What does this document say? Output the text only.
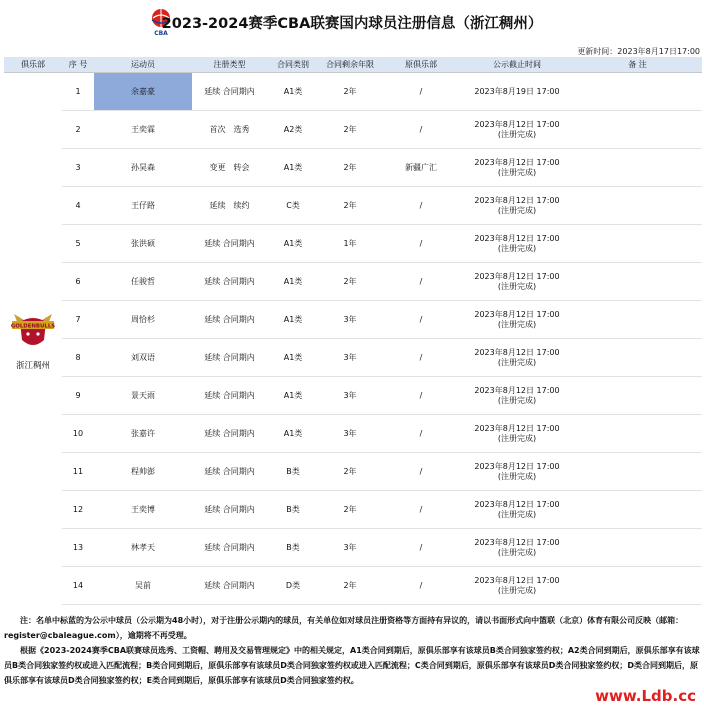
CBA
2023-2024赛季CBA联赛国内球员注册信息（浙江稠州）
更新时间：2023年8月17日17:00
俱乐部	序 号	运动员	注册类型	合同类别	合同剩余年限	原俱乐部	公示截止时间	备 注

GOLDENBULLS
浙江稠州	1	余嘉豪	延续 合同期内	A1类	2年	/	2023年8月19日 17:00	

	2	王奕霖	首次　选秀	A2类	2年	/	2023年8月12日 17:00
(注册完成)	

	3	孙昊森	变更　转会	A1类	2年	新疆广汇	2023年8月12日 17:00
(注册完成)	

	4	王仔路	延续　续约	C类	2年	/	2023年8月12日 17:00
(注册完成)	

	5	张洪硕	延续 合同期内	A1类	1年	/	2023年8月12日 17:00
(注册完成)	

	6	任骏哲	延续 合同期内	A1类	2年	/	2023年8月12日 17:00
(注册完成)	

	7	周恰杉	延续 合同期内	A1类	3年	/	2023年8月12日 17:00
(注册完成)	

	8	刘双语	延续 合同期内	A1类	3年	/	2023年8月12日 17:00
(注册完成)	

	9	景天雨	延续 合同期内	A1类	3年	/	2023年8月12日 17:00
(注册完成)	

	10	张嘉许	延续 合同期内	A1类	3年	/	2023年8月12日 17:00
(注册完成)	

	11	程帅澎	延续 合同期内	B类	2年	/	2023年8月12日 17:00
(注册完成)	

	12	王奕博	延续 合同期内	B类	2年	/	2023年8月12日 17:00
(注册完成)	

	13	林孝天	延续 合同期内	B类	3年	/	2023年8月12日 17:00
(注册完成)	

	14	吴前	延续 合同期内	D类	2年	/	2023年8月12日 17:00
(注册完成)	

注：名单中标蓝的为公示中球员（公示期为48小时），对于注册公示期内的球员，有关单位如对球员注册资格等方面持有异议的，请以书面形式向中篮联（北京）体育有限公司反映（邮箱：register@cbaleague.com），逾期将不再受理。

根据《2023-2024赛季CBA联赛球员选秀、工资帽、聘用及交易管理规定》中的相关规定，A1类合同到期后，原俱乐部享有该球员B类合同独家签约权；A2类合同到期后，原俱乐部享有该球员B类合同独家签约权或进入匹配流程；B类合同到期后，原俱乐部享有该球员D类合同独家签约权或进入匹配流程；C类合同到期后，原俱乐部享有该球员D类合同独家签约权；D类合同到期后，原俱乐部享有该球员D类合同独家签约权；E类合同到期后，原俱乐部享有该球员D类合同独家签约权。

www.Ldb.cc
